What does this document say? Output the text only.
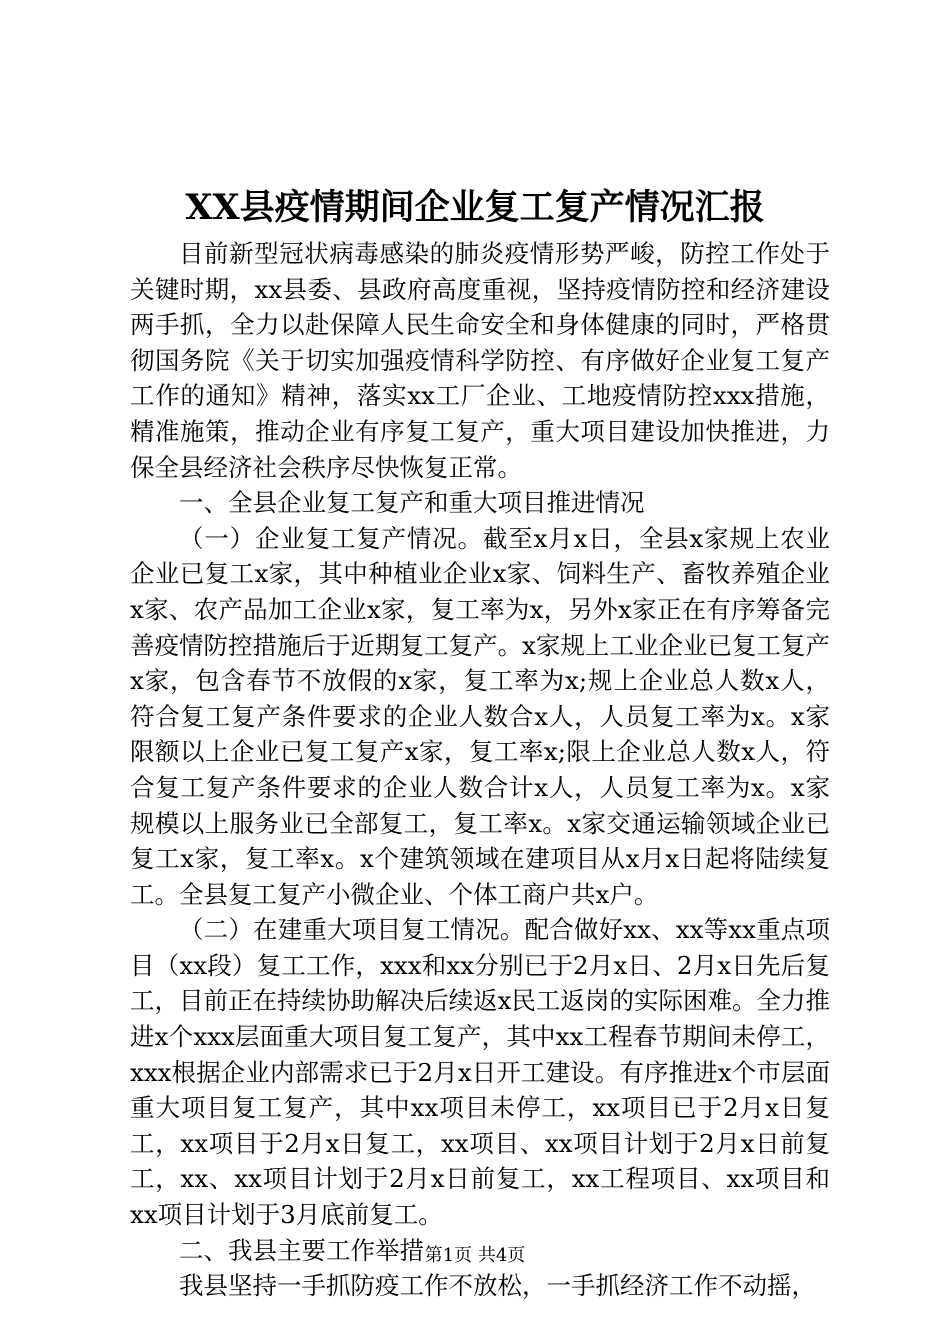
XX县疫情期间企业复工复产情况汇报

目前新型冠状病毒感染的肺炎疫情形势严峻，防控工作处于关键时期，xx县委、县政府高度重视，坚持疫情防控和经济建设两手抓，全力以赴保障人民生命安全和身体健康的同时，严格贯彻国务院《关于切实加强疫情科学防控、有序做好企业复工复产工作的通知》精神，落实xx工厂企业、工地疫情防控xxx措施，精准施策，推动企业有序复工复产，重大项目建设加快推进，力保全县经济社会秩序尽快恢复正常。

一、全县企业复工复产和重大项目推进情况

（一）企业复工复产情况。截至x月x日，全县x家规上农业企业已复工x家，其中种植业企业x家、饲料生产、畜牧养殖企业x家、农产品加工企业x家，复工率为x，另外x家正在有序筹备完善疫情防控措施后于近期复工复产。x家规上工业企业已复工复产x家，包含春节不放假的x家，复工率为x;规上企业总人数x人，符合复工复产条件要求的企业人数合x人，人员复工率为x。x家限额以上企业已复工复产x家，复工率x;限上企业总人数x人，符合复工复产条件要求的企业人数合计x人，人员复工率为x。x家规模以上服务业已全部复工，复工率x。x家交通运输领域企业已复工x家，复工率x。x个建筑领域在建项目从x月x日起将陆续复工。全县复工复产小微企业、个体工商户共x户。

（二）在建重大项目复工情况。配合做好xx、xx等xx重点项目（xx段）复工工作，xxx和xx分别已于2月x日、2月x日先后复工，目前正在持续协助解决后续返x民工返岗的实际困难。全力推进x个xxx层面重大项目复工复产，其中xx工程春节期间未停工，xxx根据企业内部需求已于2月x日开工建设。有序推进x个市层面重大项目复工复产，其中xx项目未停工，xx项目已于2月x日复工，xx项目于2月x日复工，xx项目、xx项目计划于2月x日前复工，xx、xx项目计划于2月x日前复工，xx工程项目、xx项目和xx项目计划于3月底前复工。

二、我县主要工作举措

我县坚持一手抓防疫工作不放松，一手抓经济工作不动摇，

第1页 共4页
